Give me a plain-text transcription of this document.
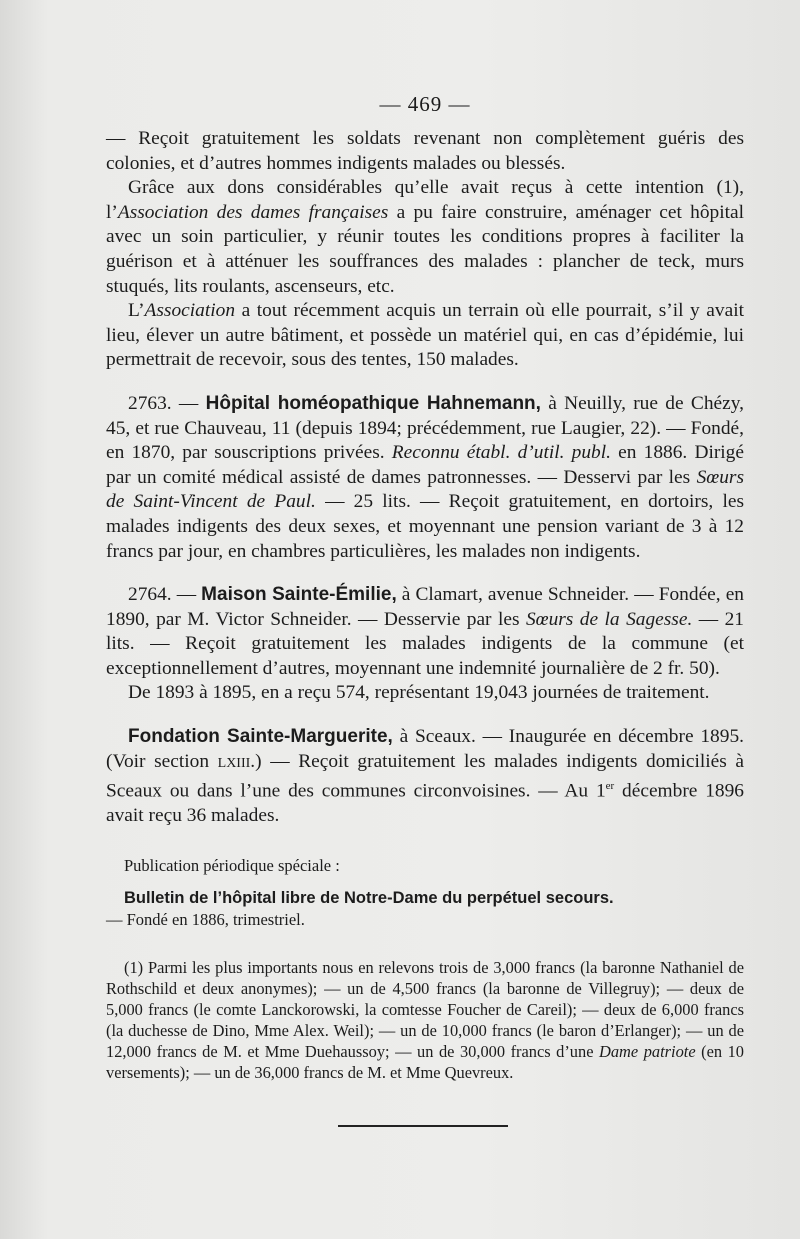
— 469 —

— Reçoit gratuitement les soldats revenant non complètement guéris des colonies, et d’autres hommes indigents malades ou blessés.

Grâce aux dons considérables qu’elle avait reçus à cette intention (1), l’Association des dames françaises a pu faire construire, aménager cet hôpital avec un soin particulier, y réunir toutes les conditions propres à faciliter la guérison et à atténuer les souffrances des malades : plancher de teck, murs stuqués, lits roulants, ascenseurs, etc.

L’Association a tout récemment acquis un terrain où elle pourrait, s’il y avait lieu, élever un autre bâtiment, et possède un matériel qui, en cas d’épidémie, lui permettrait de recevoir, sous des tentes, 150 malades.

2763. — Hôpital homéopathique Hahnemann, à Neuilly, rue de Chézy, 45, et rue Chauveau, 11 (depuis 1894; précédemment, rue Laugier, 22). — Fondé, en 1870, par souscriptions privées. Reconnu établ. d’util. publ. en 1886. Dirigé par un comité médical assisté de dames patronnesses. — Desservi par les Sœurs de Saint-Vincent de Paul. — 25 lits. — Reçoit gratuitement, en dortoirs, les malades indigents des deux sexes, et moyennant une pension variant de 3 à 12 francs par jour, en chambres particulières, les malades non indigents.

2764. — Maison Sainte-Émilie, à Clamart, avenue Schneider. — Fondée, en 1890, par M. Victor Schneider. — Desservie par les Sœurs de la Sagesse. — 21 lits. — Reçoit gratuitement les malades indigents de la commune (et exceptionnellement d’autres, moyennant une indemnité journalière de 2 fr. 50).

De 1893 à 1895, en a reçu 574, représentant 19,043 journées de traitement.

Fondation Sainte-Marguerite, à Sceaux. — Inaugurée en décembre 1895. (Voir section lxiii.) — Reçoit gratuitement les malades indigents domiciliés à Sceaux ou dans l’une des communes circonvoisines. — Au 1er décembre 1896 avait reçu 36 malades.

Publication périodique spéciale :

Bulletin de l’hôpital libre de Notre-Dame du perpétuel secours.

— Fondé en 1886, trimestriel.

(1) Parmi les plus importants nous en relevons trois de 3,000 francs (la baronne Nathaniel de Rothschild et deux anonymes); — un de 4,500 francs (la baronne de Villegruy); — deux de 5,000 francs (le comte Lanckorowski, la comtesse Foucher de Careil); — deux de 6,000 francs (la duchesse de Dino, Mme Alex. Weil); — un de 10,000 francs (le baron d’Erlanger); — un de 12,000 francs de M. et Mme Duehaussoy; — un de 30,000 francs d’une Dame patriote (en 10 versements); — un de 36,000 francs de M. et Mme Quevreux.
